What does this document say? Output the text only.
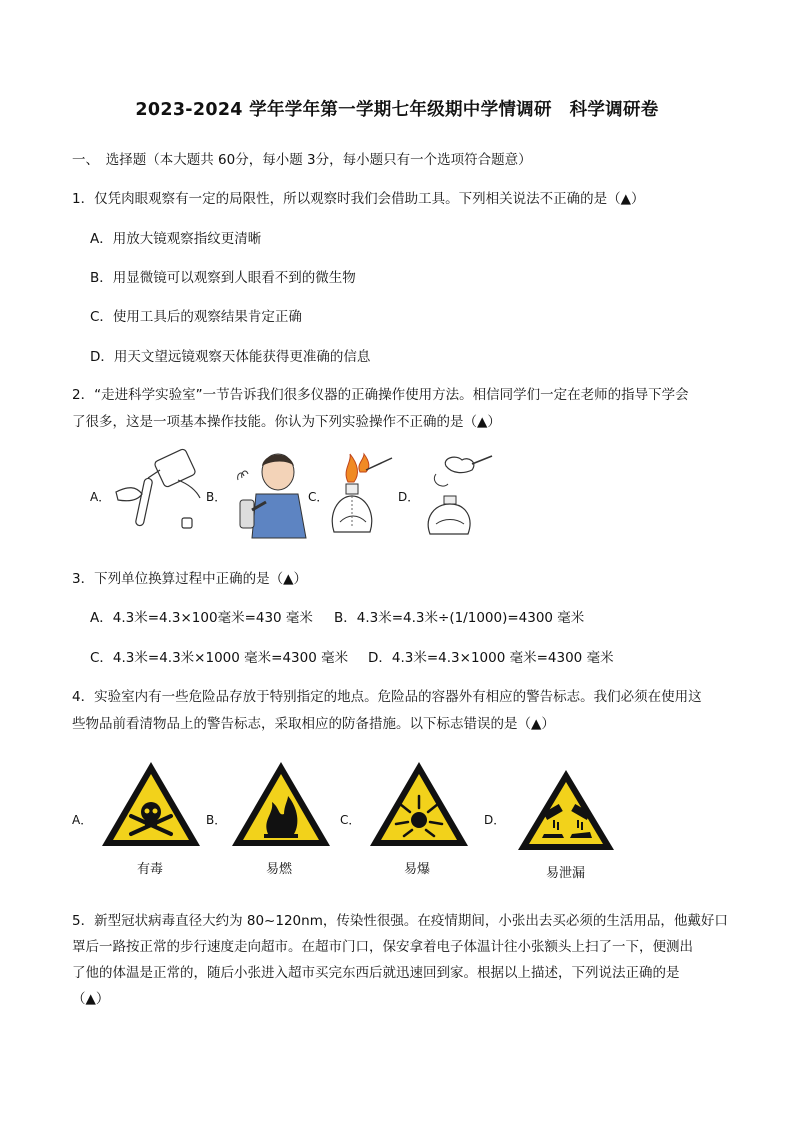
2023-2024 学年学年第一学期七年级期中学情调研　科学调研卷
一、　选择题（本大题共 60分，每小题 3分，每小题只有一个选项符合题意）
1．仅凭肉眼观察有一定的局限性，所以观察时我们会借助工具。下列相关说法不正确的是（▲）
A．用放大镜观察指纹更清晰
B．用显微镜可以观察到人眼看不到的微生物
C．使用工具后的观察结果肯定正确
D．用天文望远镜观察天体能获得更准确的信息
2．“走进科学实验室”一节告诉我们很多仪器的正确操作使用方法。相信同学们一定在老师的指导下学会
了很多，这是一项基本操作技能。你认为下列实验操作不正确的是（▲）
A．	B．	C．	D．
3．下列单位换算过程中正确的是（▲）
A．4.3米=4.3×100毫米=430 毫米 B．4.3米=4.3米÷(1/1000)=4300 毫米
C．4.3米=4.3米×1000 毫米=4300 毫米 D．4.3米=4.3×1000 毫米=4300 毫米
4．实验室内有一些危险品存放于特别指定的地点。危险品的容器外有相应的警告标志。我们必须在使用这
些物品前看清物品上的警告标志，采取相应的防备措施。以下标志错误的是（▲）
A．	B．	C．	D．
有毒	易燃	易爆	易泄漏
5．新型冠状病毒直径大约为 80~120nm，传染性很强。在疫情期间，小张出去买必须的生活用品，他戴好口
罩后一路按正常的步行速度走向超市。在超市门口，保安拿着电子体温计往小张额头上扫了一下，便测出
了他的体温是正常的，随后小张进入超市买完东西后就迅速回到家。根据以上描述，下列说法正确的是
（▲）
